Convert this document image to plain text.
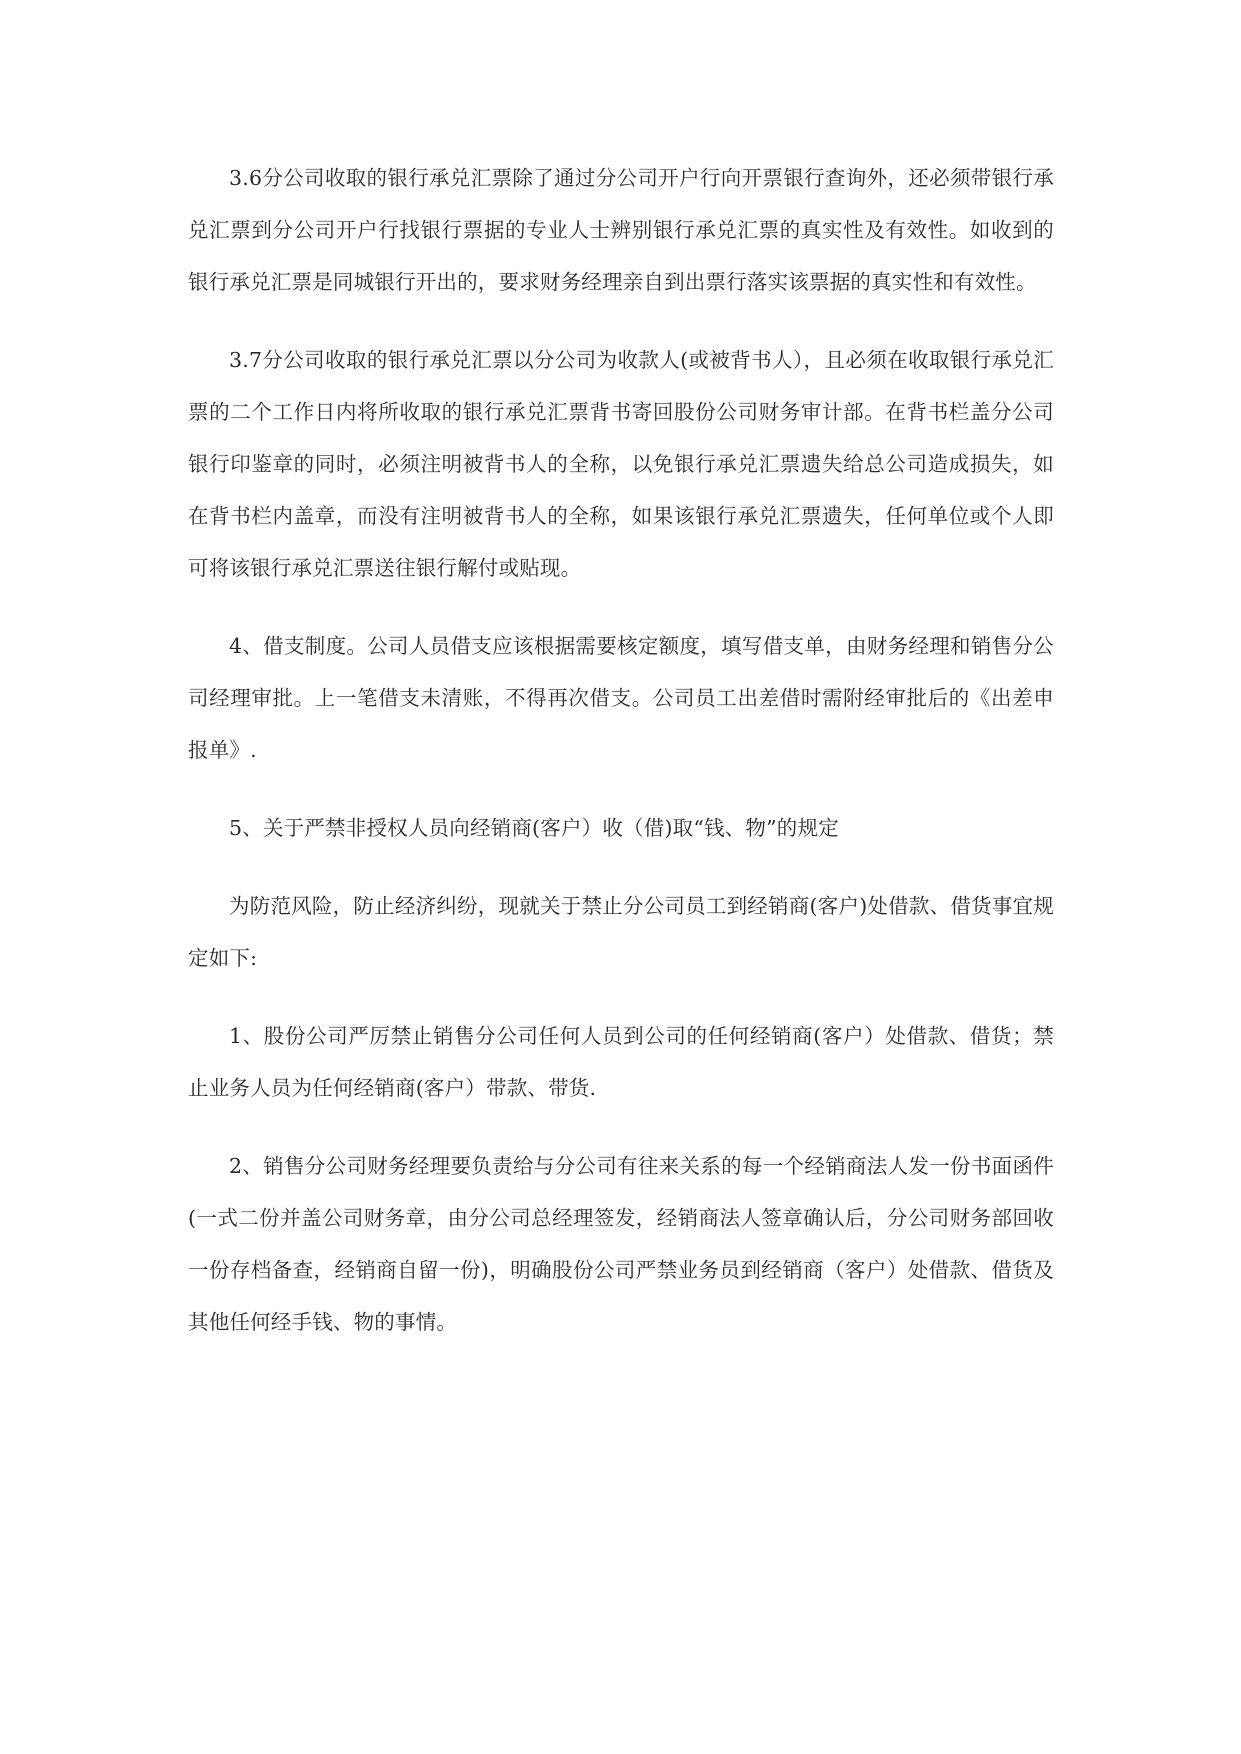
3.6分公司收取的银行承兑汇票除了通过分公司开户行向开票银行查询外，还必须带银行承兑汇票到分公司开户行找银行票据的专业人士辨别银行承兑汇票的真实性及有效性。如收到的银行承兑汇票是同城银行开出的，要求财务经理亲自到出票行落实该票据的真实性和有效性。

3.7分公司收取的银行承兑汇票以分公司为收款人(或被背书人），且必须在收取银行承兑汇票的二个工作日内将所收取的银行承兑汇票背书寄回股份公司财务审计部。在背书栏盖分公司银行印鉴章的同时，必须注明被背书人的全称，以免银行承兑汇票遗失给总公司造成损失，如在背书栏内盖章，而没有注明被背书人的全称，如果该银行承兑汇票遗失，任何单位或个人即可将该银行承兑汇票送往银行解付或贴现。

4、借支制度。公司人员借支应该根据需要核定额度，填写借支单，由财务经理和销售分公司经理审批。上一笔借支未清账，不得再次借支。公司员工出差借时需附经审批后的《出差申报单》.

5、关于严禁非授权人员向经销商(客户）收（借)取“钱、物”的规定

为防范风险，防止经济纠纷，现就关于禁止分公司员工到经销商(客户)处借款、借货事宜规定如下:

1、股份公司严厉禁止销售分公司任何人员到公司的任何经销商(客户）处借款、借货；禁止业务人员为任何经销商(客户）带款、带货.

2、销售分公司财务经理要负责给与分公司有往来关系的每一个经销商法人发一份书面函件(一式二份并盖公司财务章，由分公司总经理签发，经销商法人签章确认后，分公司财务部回收一份存档备查，经销商自留一份)，明确股份公司严禁业务员到经销商（客户）处借款、借货及其他任何经手钱、物的事情。
